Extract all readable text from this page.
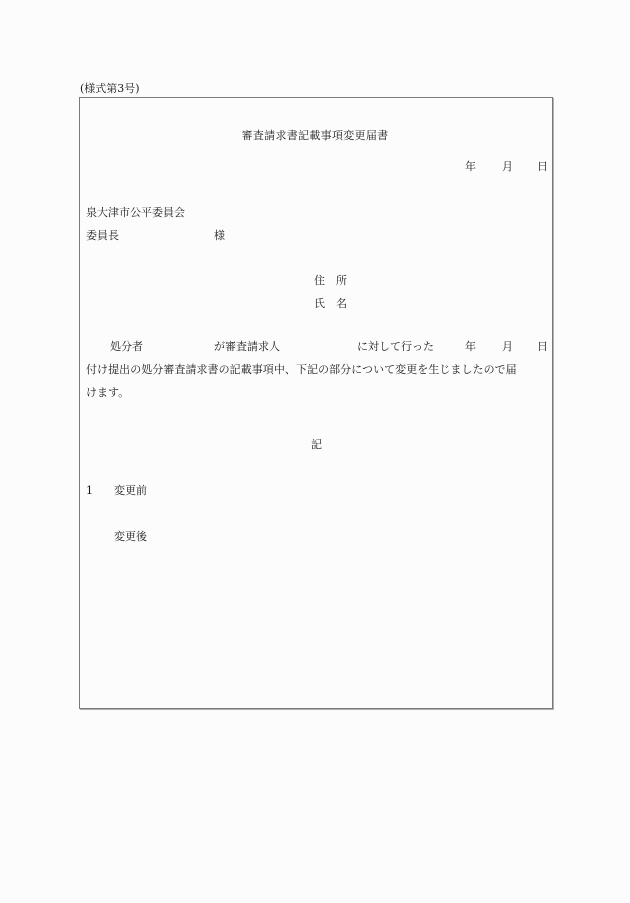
(様式第3号)
審査請求書記載事項変更届書
年 月 日
泉大津市公平委員会
委員長	様
住 所
氏 名
処分者	が審査請求人	に対して行った	年 月 日
付け提出の処分審査請求書の記載事項中、下記の部分について変更を生じましたので届
けます。
記
1 変更前
変更後
